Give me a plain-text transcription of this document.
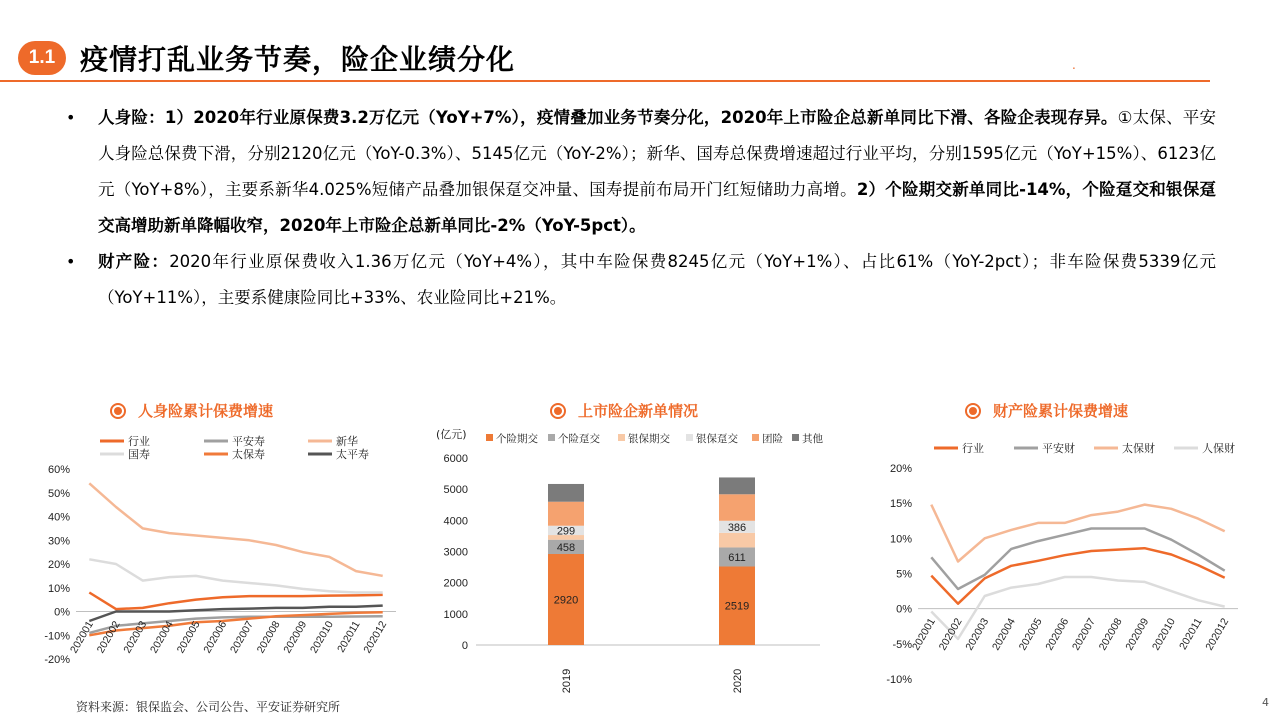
1.1 疫情打乱业务节奏，险企业绩分化	.
• 人身险：1）2020年行业原保费3.2万亿元（YoY+7%），疫情叠加业务节奏分化，2020年上市险企总新单同比下滑、各险企表现存异。①太保、平安人身险总保费下滑，分别2120亿元（YoY-0.3%）、5145亿元（YoY-2%）；新华、国寿总保费增速超过行业平均，分别1595亿元（YoY+15%）、6123亿元（YoY+8%），主要系新华4.025%短储产品叠加银保趸交冲量、国寿提前布局开门红短储助力高增。2）个险期交新单同比-14%，个险趸交和银保趸交高增助新单降幅收窄，2020年上市险企总新单同比-2%（YoY-5pct）。
• 财产险：2020年行业原保费收入1.36万亿元（YoY+4%），其中车险保费8245亿元（YoY+1%）、占比61%（YoY-2pct）；非车险保费5339亿元（YoY+11%），主要系健康险同比+33%、农业险同比+21%。
人身险累计保费增速	上市险企新单情况	财产险累计保费增速
60%
50%
40%
30%
20%
10%
0%
-10%
-20%
202001
202002
202003
202004
202005
202006
202007
202008
202009
202010 202011
202012
行业	平安寿	新华
国寿	太保寿	太平寿
(亿元)
6000
5000
4000
3000
2000
1000
0
2920
458
299
2019
2519
611
386
2020
个险期交 个险趸交	银保期交 银保趸交 团险 其他
20%
15%
10%
5%
0%
-5%
-10%
202001
202002
202003
202004
202005
202006
202007
202008
202009
202010 202011
202012
行业	平安财	太保财	人保财
资料来源：银保监会、公司公告、平安证券研究所	4
